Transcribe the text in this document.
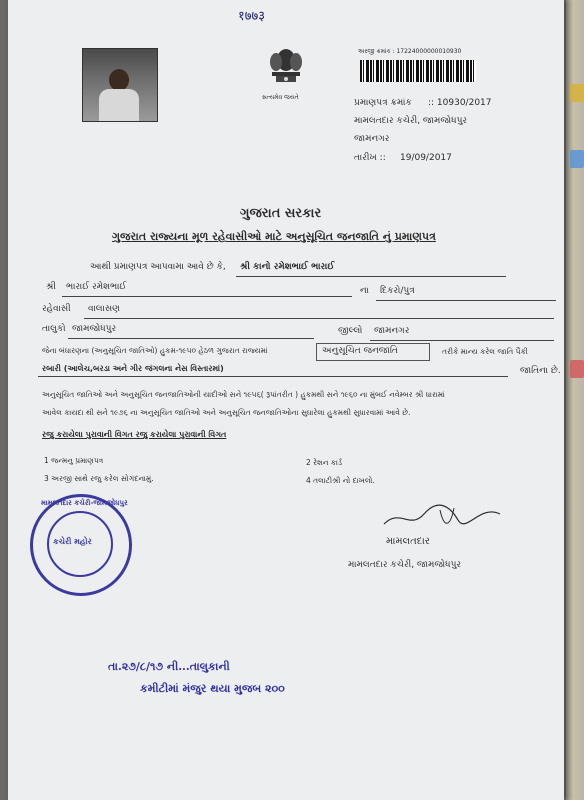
१७७३
સત્યમેવ જયતે
અરજી ક્રમાંક : 17224000000010930
પ્રમાણપત્ર ક્રમાંક :: 10930/2017
મામલતદાર કચેરી, જામજોધપુર
જામનગર
તારીખ :: 19/09/2017
ગુજરાત સરકાર
ગુજરાત રાજ્યના મૂળ રહેવાસીઓ માટે અનુસૂચિત જનજાતિ નું પ્રમાણપત્ર
આથી પ્રમાણપત્ર આપવામા આવે છે કે, શ્રી કાનો રમેશભાઈ ભારાઈ
શ્રી ભારાઈ રમેશભાઈ	ના દિકરો/પુત્ર
રહેવાસી વાલાસણ
તાલુકો જામજોધપુર	જીલ્લો જામનગર
જેના બંધારણના (અનુસૂચિત જાતિઓ) હુકમ-૧૯૫૦ હેઠળ ગુજરાત રાજ્યમાં	અનુસૂચિત જનજાતિ	તરીકે માન્ય કરેલ જાતિ પૈકી
રબારી (આલેચ,બરડા અને ગીર જંગલના નેસ વિસ્તારમાં)	જાતિના છે.
અનુસૂચિત જાતિઓ અને અનુસૂચિત જનજાતિઓની યાદીઓ સને ૧૯૫૬( રૂપાંતરીત ) હુકમથી સને ૧૯૬૦ ના મુંબઈ નવેમ્બર શ્રી ધારામાં
આવેલ કાયદા થી સને ૧૯૭૬ ના અનુસૂચિત જાતિઓ અને અનુસૂચિત જનજાતિઓના સુધારેલા હુકમથી સુધારવામાં આવે છે.
રજુ કરાયેલા પુરાવાની વિગત રજુ કરાયેલા પુરાવાની વિગત
1 જન્મનુ પ્રમાણપત્ર	2 રેશન કાર્ડ
3 અરજી સાથે રજુ કરેલ સોગંદનામું.	4 તલાટીશ્રી નો દાખલો.
મામલતદાર કચેરી-જામજોધપુર
કચેરી મહોર	મામલતદાર
મામલતદાર કચેરી, જામજોધપુર
તા.૨૭/૮/૧૭ ની...તાલુકાની
કમીટીમાં મંજુર થયા મુજબ ૨૦૦
